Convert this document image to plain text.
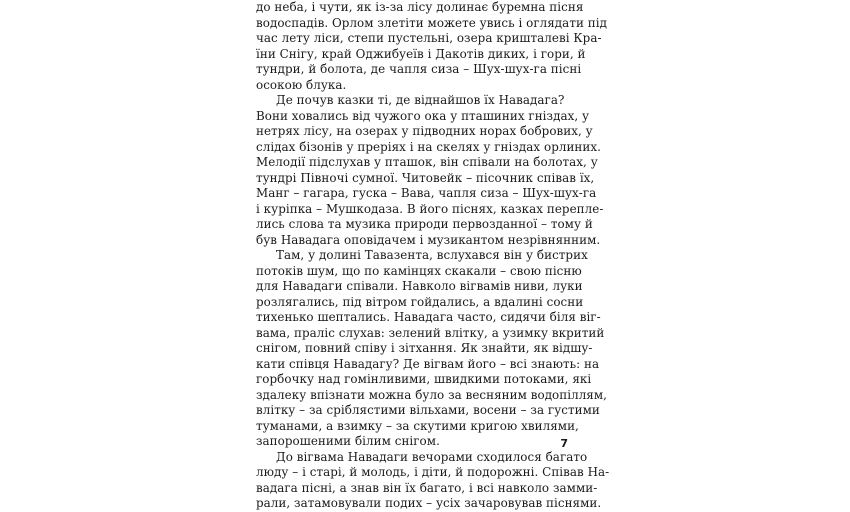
до неба, і чути, як із-за лісу долинає буремна пісня
водоспадів. Орлом злетіти можете увись і оглядати під
час лету ліси, степи пустельні, озера кришталеві Кра-
їни Снігу, край Оджибуеїв і Дакотів диких, і гори, й
тундри, й болота, де чапля сиза – Шух-шух-га пісні
осокою блука.
Де почув казки ті, де віднайшов їх Навадага?
Вони ховались від чужого ока у пташиних гніздах, у
нетрях лісу, на озерах у підводних норах бобрових, у
слідах бізонів у преріях і на скелях у гніздах орлиних.
Мелодії підслухав у пташок, він співали на болотах, у
тундрі Півночі сумної. Читовейк – пісочник співав їх,
Манг – гагара, гуска – Вава, чапля сиза – Шух-шух-га
і куріпка – Мушкодаза. В його піснях, казках перепле-
лись слова та музика природи первозданної – тому й
був Навадага оповідачем і музикантом незрівнянним.
Там, у долині Тавазента, вслухався він у бистрих
потоків шум, що по камінцях скакали – свою пісню
для Навадаги співали. Навколо вігвамів ниви, луки
розлягались, під вітром гойдались, а вдалині сосни
тихенько шептались. Навадага часто, сидячи біля віг-
вама, праліс слухав: зелений влітку, а узимку вкритий
снігом, повний співу і зітхання. Як знайти, як відшу-
кати співця Навадагу? Де вігвам його – всі знають: на
горбочку над гомінливими, швидкими потоками, які
здалеку впізнати можна було за весняним водопіллям,
влітку – за сріблястими вільхами, восени – за густими
туманами, а взимку – за скутими кригою хвилями,
запорошеними білим снігом.
До вігвама Навадаги вечорами сходилося багато
люду – і старі, й молодь, і діти, й подорожні. Співав На-
вадага пісні, а знав він їх багато, і всі навколо замми-
рали, затамовували подих – усіх зачаровував піснями.
7
